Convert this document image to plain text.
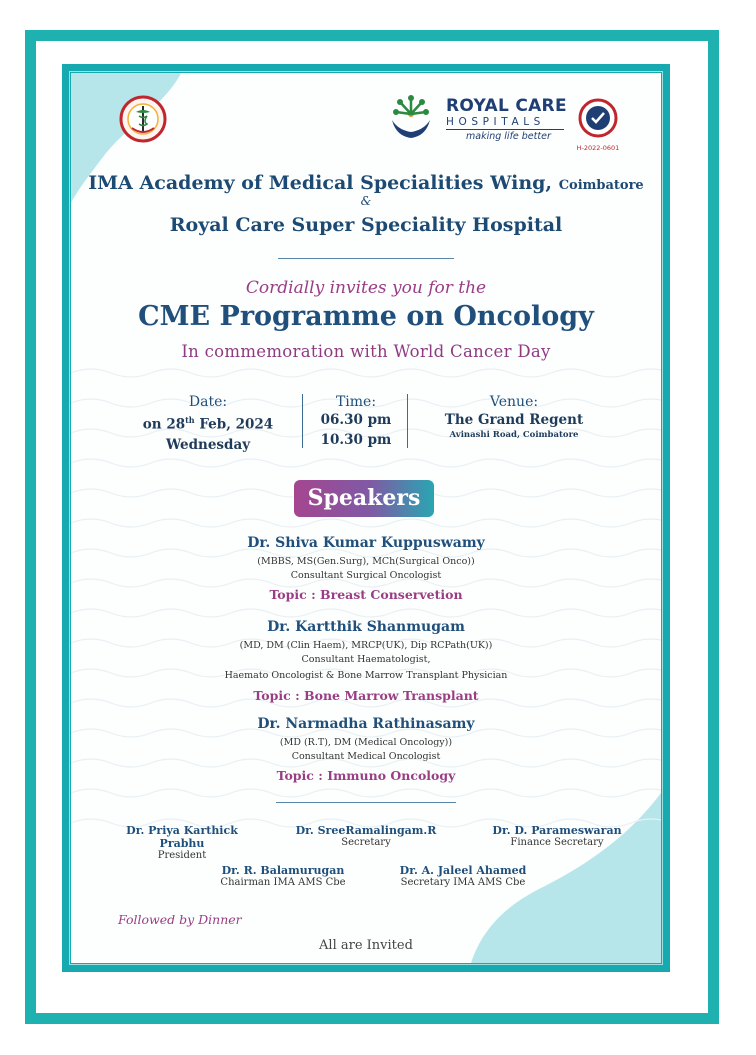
ROYAL CARE
HOSPITALS
making life better
H-2022-0601
IMA Academy of Medical Specialities Wing, Coimbatore
&
Royal Care Super Speciality Hospital
Cordially invites you for the
CME Programme on Oncology
In commemoration with World Cancer Day
Date:
on 28th Feb, 2024
Wednesday
Time:
06.30 pm
10.30 pm
Venue:
The Grand Regent
Avinashi Road, Coimbatore
Speakers
Dr. Shiva Kumar Kuppuswamy
(MBBS, MS(Gen.Surg), MCh(Surgical Onco))
Consultant Surgical Oncologist
Topic : Breast Conservetion
Dr. Kartthik Shanmugam
(MD, DM (Clin Haem), MRCP(UK), Dip RCPath(UK))
Consultant Haematologist,
Haemato Oncologist & Bone Marrow Transplant Physician
Topic : Bone Marrow Transplant
Dr. Narmadha Rathinasamy
(MD (R.T), DM (Medical Oncology))
Consultant Medical Oncologist
Topic : Immuno Oncology
Dr. Priya Karthick Prabhu
President
Dr. SreeRamalingam.R
Secretary
Dr. D. Parameswaran
Finance Secretary
Dr. R. Balamurugan
Chairman IMA AMS Cbe
Dr. A. Jaleel Ahamed
Secretary IMA AMS Cbe
Followed by Dinner
All are Invited
